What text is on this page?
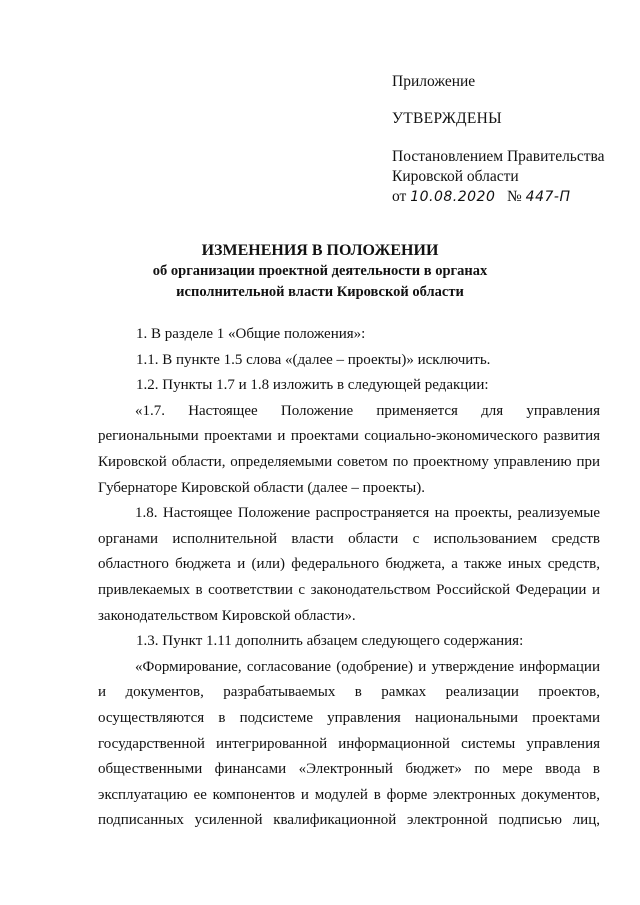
Приложение

УТВЕРЖДЕНЫ

Постановлением Правительства

Кировской области

от 10.08.2020 № 447-П

ИЗМЕНЕНИЯ В ПОЛОЖЕНИИ
об организации проектной деятельности в органах
исполнительной власти Кировской области

1. В разделе 1 «Общие положения»:

1.1. В пункте 1.5 слова «(далее – проекты)» исключить.

1.2. Пункты 1.7 и 1.8 изложить в следующей редакции:

«1.7. Настоящее Положение применяется для управления региональными проектами и проектами социально-экономического развития Кировской области, определяемыми советом по проектному управлению при Губернаторе Кировской области (далее – проекты).

1.8. Настоящее Положение распространяется на проекты, реализуемые органами исполнительной власти области с использованием средств областного бюджета и (или) федерального бюджета, а также иных средств, привлекаемых в соответствии с законодательством Российской Федерации и законодательством Кировской области».

1.3. Пункт 1.11 дополнить абзацем следующего содержания:

«Формирование, согласование (одобрение) и утверждение информации и документов, разрабатываемых в рамках реализации проектов, осуществляются в подсистеме управления национальными проектами государственной интегрированной информационной системы управления общественными финансами «Электронный бюджет» по мере ввода в эксплуатацию ее компонентов и модулей в форме электронных документов, подписанных усиленной квалификационной электронной подписью лиц,
